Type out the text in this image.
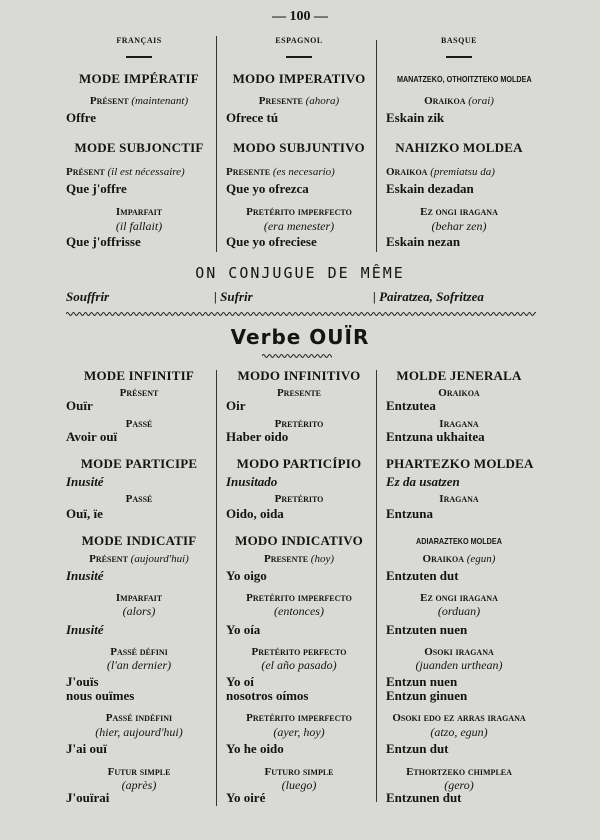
— 100 —
FRANÇAIS	ESPAGNOL	BASQUE
ON CONJUGUE DE MÊME
Souffrir	| Sufrir	| Pairatzea, Sofritzea
Verbe OUÏR
MODE IMPÉRATIF	MODO IMPERATIVO	MANATZEKO, OTHOITZTEKO MOLDEA
Présent (maintenant)	Presente (ahora)	Oraikoa (orai)
Offre	Ofrece tú	Eskain zik
MODE SUBJONCTIF	MODO SUBJUNTIVO	NAHIZKO MOLDEA
Présent (il est nécessaire)	Presente (es necesario)	Oraikoa (premiatsu da)
Que j'offre	Que yo ofrezca	Eskain dezadan
Imparfait	Pretérito imperfecto	Ez ongi iragana
(il fallait)	(era menester)	(behar zen)
Que j'offrisse	Que yo ofreciese	Eskain nezan
MODE INFINITIF	MODO INFINITIVO	MOLDE JENERALA
Présent	Presente	Oraikoa
Ouïr	Oir	Entzutea
Passé	Pretérito	Iragana
Avoir ouï	Haber oido	Entzuna ukhaitea
MODE PARTICIPE	MODO PARTICÍPIO	PHARTEZKO MOLDEA
Inusité	Inusitado	Ez da usatzen
Passé	Pretérito	Iragana
Ouï, ïe	Oido, oida	Entzuna
MODE INDICATIF	MODO INDICATIVO	ADIARAZTEKO MOLDEA
Présent (aujourd'hui)	Presente (hoy)	Oraikoa (egun)
Inusité	Yo oigo	Entzuten dut
Imparfait	Pretérito imperfecto	Ez ongi iragana
(alors)	(entonces)	(orduan)
Inusité	Yo oía	Entzuten nuen
Passé défini	Pretérito perfecto	Osoki iragana
(l'an dernier)	(el año pasado)	(juanden urthean)
J'ouïs	Yo oí	Entzun nuen
nous ouïmes	nosotros oímos	Entzun ginuen
Passé indéfini	Pretérito imperfecto	Osoki edo ez arras iragana
(hier, aujourd'hui)	(ayer, hoy)	(atzo, egun)
J'ai ouï	Yo he oido	Entzun dut
Futur simple	Futuro simple	Ethortzeko chimplea
(après)	(luego)	(gero)
J'ouïrai	Yo oiré	Entzunen dut
